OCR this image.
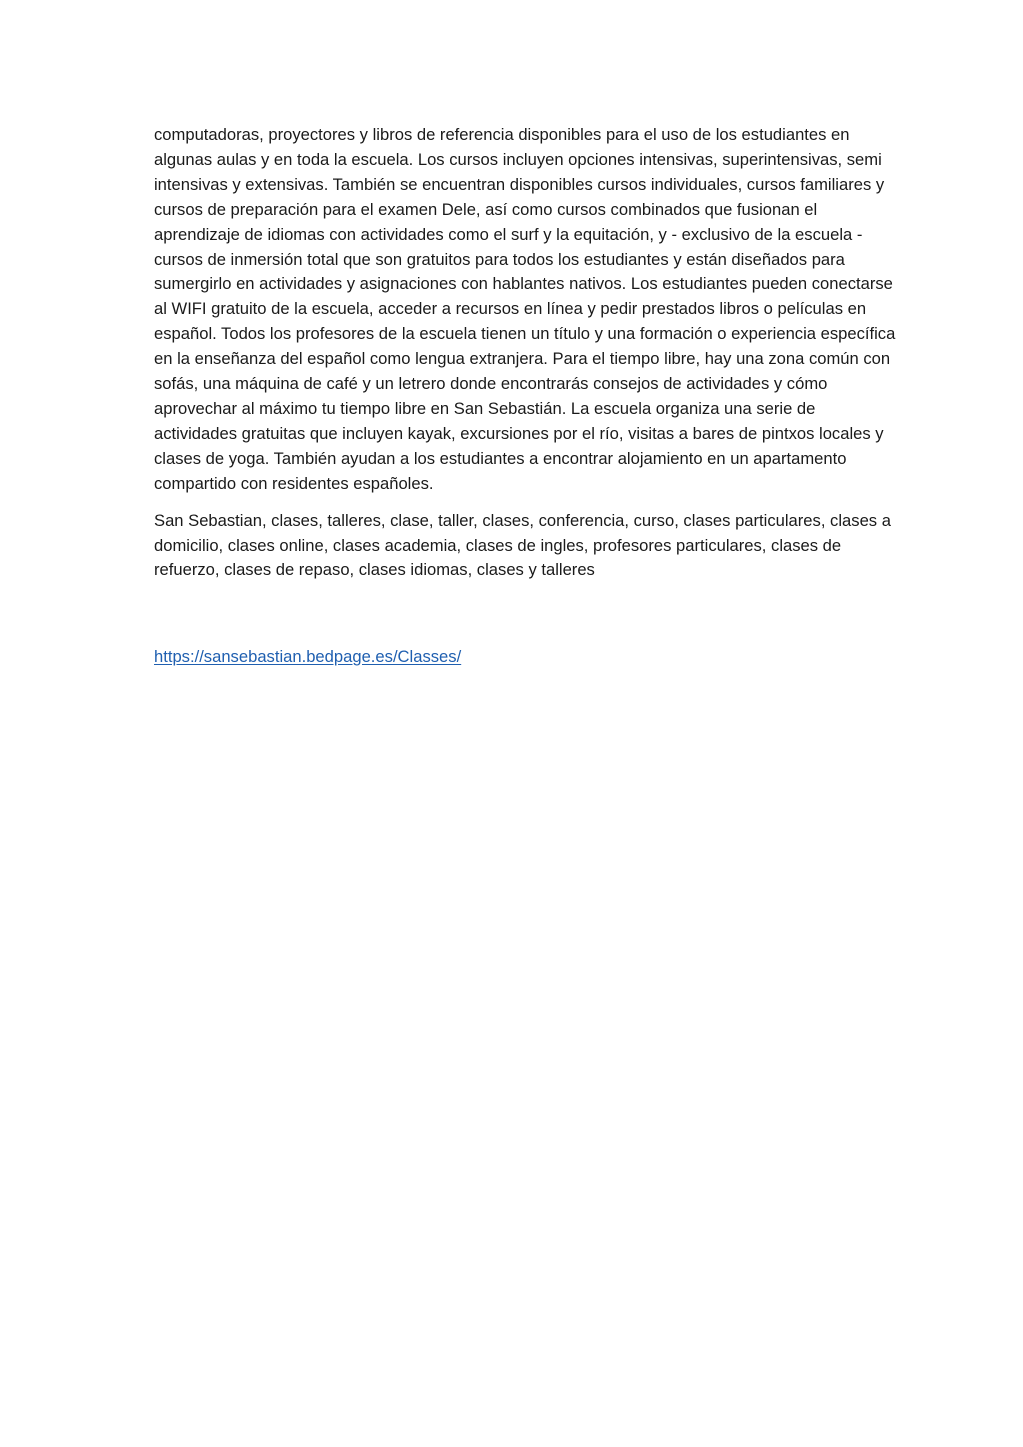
computadoras, proyectores y libros de referencia disponibles para el uso de los estudiantes en algunas aulas y en toda la escuela. Los cursos incluyen opciones intensivas, superintensivas, semi intensivas y extensivas. También se encuentran disponibles cursos individuales, cursos familiares y cursos de preparación para el examen Dele, así como cursos combinados que fusionan el aprendizaje de idiomas con actividades como el surf y la equitación, y - exclusivo de la escuela - cursos de inmersión total que son gratuitos para todos los estudiantes y están diseñados para sumergirlo en actividades y asignaciones con hablantes nativos. Los estudiantes pueden conectarse al WIFI gratuito de la escuela, acceder a recursos en línea y pedir prestados libros o películas en español. Todos los profesores de la escuela tienen un título y una formación o experiencia específica en la enseñanza del español como lengua extranjera. Para el tiempo libre, hay una zona común con sofás, una máquina de café y un letrero donde encontrarás consejos de actividades y cómo aprovechar al máximo tu tiempo libre en San Sebastián. La escuela organiza una serie de actividades gratuitas que incluyen kayak, excursiones por el río, visitas a bares de pintxos locales y clases de yoga. También ayudan a los estudiantes a encontrar alojamiento en un apartamento compartido con residentes españoles.

San Sebastian, clases, talleres, clase, taller, clases, conferencia, curso, clases particulares, clases a domicilio, clases online, clases academia, clases de ingles, profesores particulares, clases de refuerzo, clases de repaso, clases idiomas, clases y talleres

https://sansebastian.bedpage.es/Classes/
